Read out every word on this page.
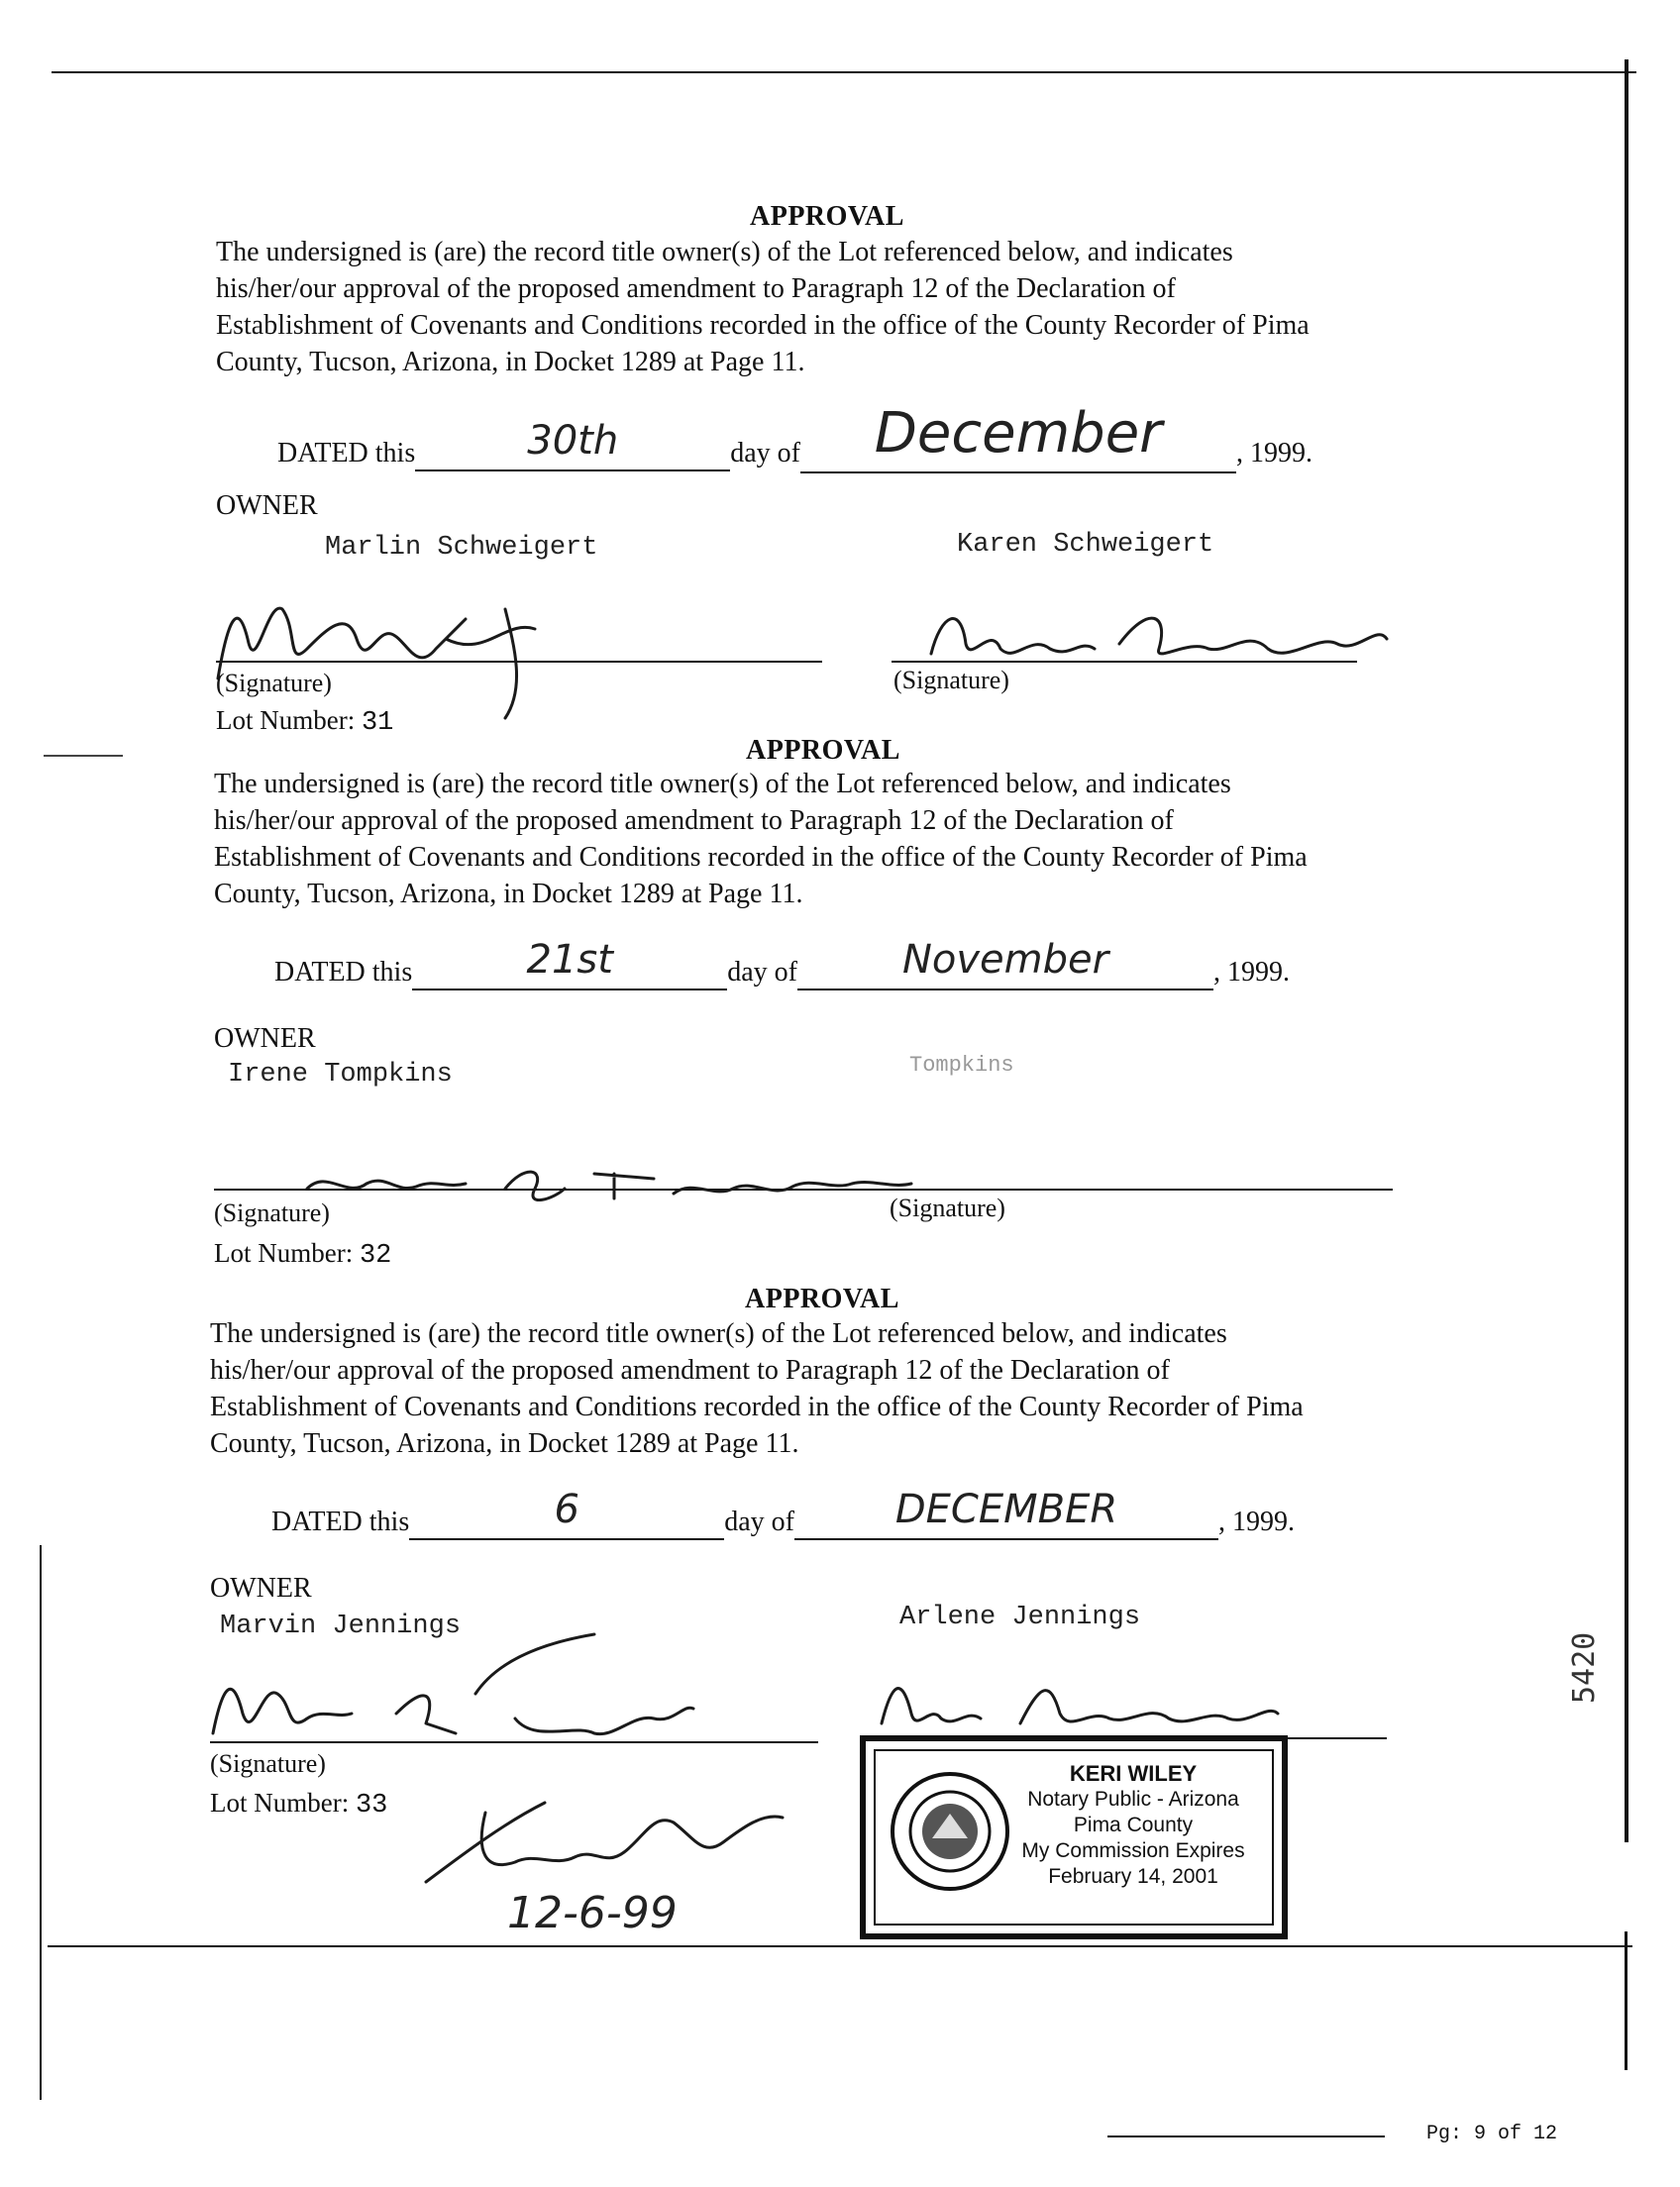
APPROVAL
The undersigned is (are) the record title owner(s) of the Lot referenced below, and indicates
his/her/our approval of the proposed amendment to Paragraph 12 of the Declaration of
Establishment of Covenants and Conditions recorded in the office of the County Recorder of Pima
County, Tucson, Arizona, in Docket 1289 at Page 11.
DATED this	30th	day of December	, 1999.
OWNER
Marlin Schweigert	Karen Schweigert
(Signature)	(Signature)
Lot Number: 31
APPROVAL
The undersigned is (are) the record title owner(s) of the Lot referenced below, and indicates
his/her/our approval of the proposed amendment to Paragraph 12 of the Declaration of
Establishment of Covenants and Conditions recorded in the office of the County Recorder of Pima
County, Tucson, Arizona, in Docket 1289 at Page 11.
DATED this	21st	day of	November	, 1999.
OWNER
Irene Tompkins	Tompkins
(Signature)	(Signature)
Lot Number: 32
APPROVAL
The undersigned is (are) the record title owner(s) of the Lot referenced below, and indicates
his/her/our approval of the proposed amendment to Paragraph 12 of the Declaration of
Establishment of Covenants and Conditions recorded in the office of the County Recorder of Pima
County, Tucson, Arizona, in Docket 1289 at Page 11.
DATED this	6	day of	DECEMBER	, 1999.
OWNER
Marvin Jennings	Arlene Jennings
(Signature)
Lot Number: 33
12-6-99
KERI WILEY
Notary Public - Arizona
Pima County
My Commission Expires
February 14, 2001
5420
Pg: 9 of 12
